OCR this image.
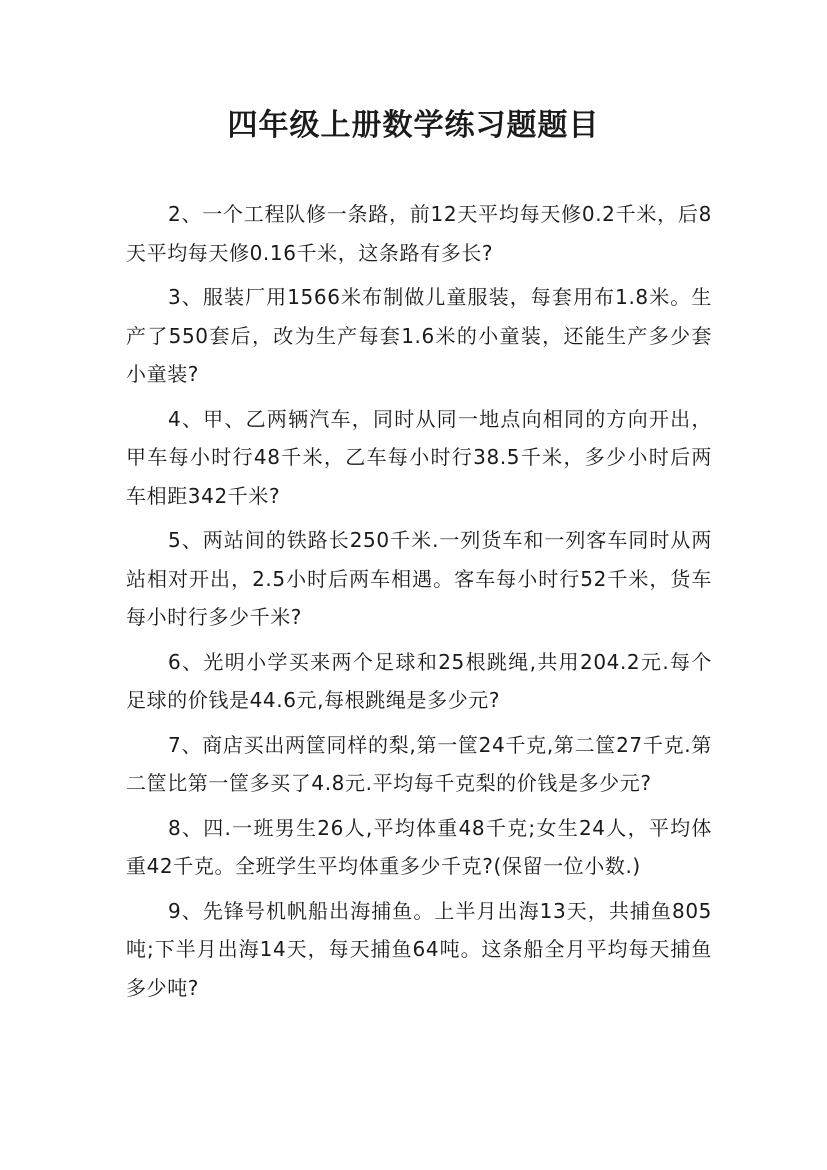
四年级上册数学练习题题目

2、一个工程队修一条路，前12天平均每天修0.2千米，后8天平均每天修0.16千米，这条路有多长?

3、服装厂用1566米布制做儿童服装，每套用布1.8米。生产了550套后，改为生产每套1.6米的小童装，还能生产多少套小童装?

4、甲、乙两辆汽车，同时从同一地点向相同的方向开出，甲车每小时行48千米，乙车每小时行38.5千米，多少小时后两车相距342千米?

5、两站间的铁路长250千米.一列货车和一列客车同时从两站相对开出，2.5小时后两车相遇。客车每小时行52千米，货车每小时行多少千米?

6、光明小学买来两个足球和25根跳绳,共用204.2元.每个足球的价钱是44.6元,每根跳绳是多少元?

7、商店买出两筐同样的梨,第一筐24千克,第二筐27千克.第二筐比第一筐多买了4.8元.平均每千克梨的价钱是多少元?

8、四.一班男生26人,平均体重48千克;女生24人，平均体重42千克。全班学生平均体重多少千克?(保留一位小数.)

9、先锋号机帆船出海捕鱼。上半月出海13天，共捕鱼805吨;下半月出海14天，每天捕鱼64吨。这条船全月平均每天捕鱼多少吨?
